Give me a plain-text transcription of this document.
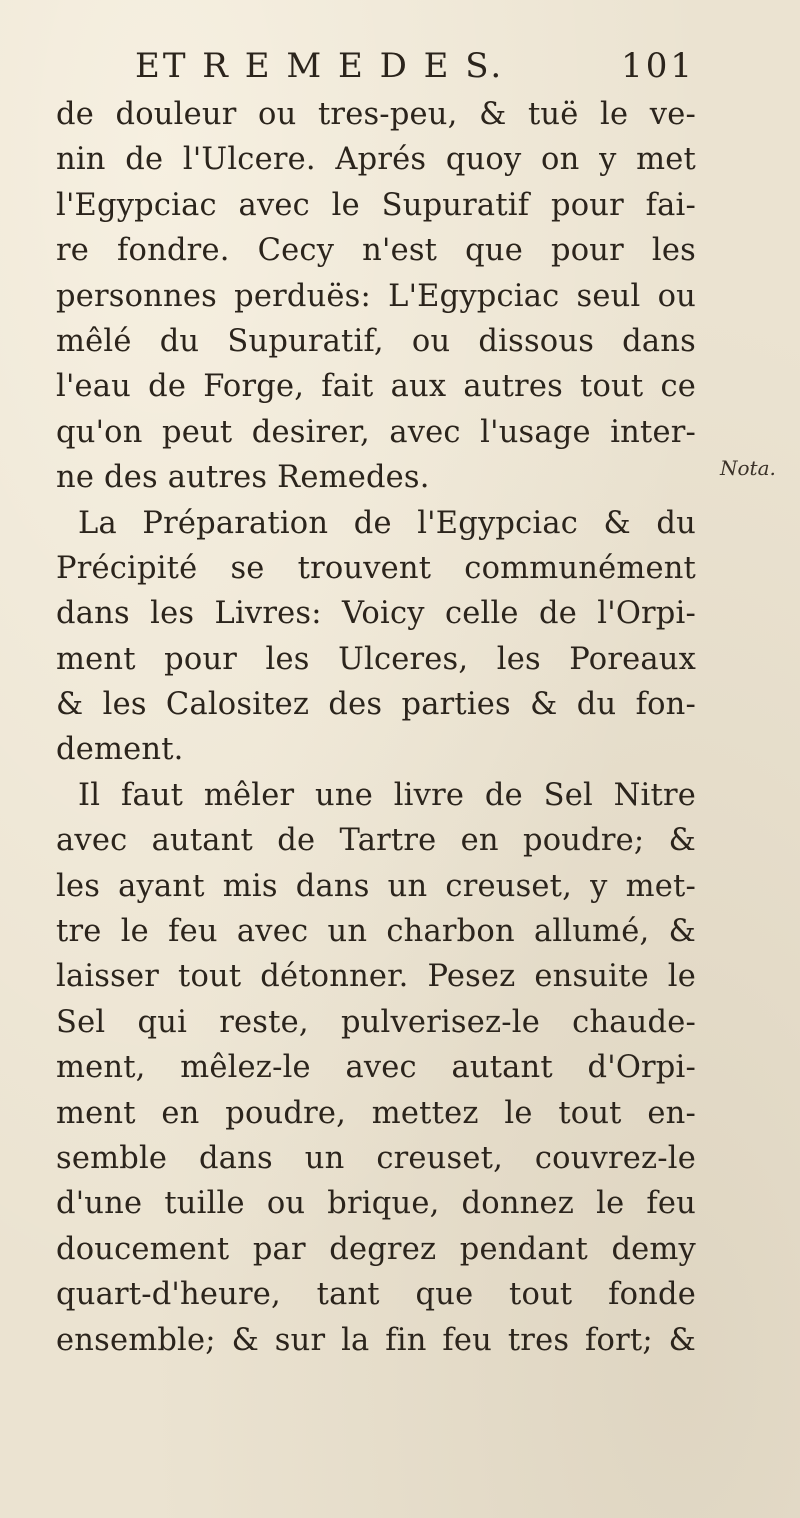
ET R E M E D E S.	101
Nota.
de douleur ou tres-peu, & tuë le ve-
nin de l'Ulcere. Aprés quoy on y met
l'Egypciac avec le Supuratif pour fai-
re fondre. Cecy n'est que pour les
personnes perduës: L'Egypciac seul ou
mêlé du Supuratif, ou dissous dans
l'eau de Forge, fait aux autres tout ce
qu'on peut desirer, avec l'usage inter-
ne des autres Remedes.
La Préparation de l'Egypciac & du
Précipité se trouvent communément
dans les Livres: Voicy celle de l'Orpi-
ment pour les Ulceres, les Poreaux
& les Calositez des parties & du fon-
dement.
Il faut mêler une livre de Sel Nitre
avec autant de Tartre en poudre; &
les ayant mis dans un creuset, y met-
tre le feu avec un charbon allumé, &
laisser tout détonner. Pesez ensuite le
Sel qui reste, pulverisez-le chaude-
ment, mêlez-le avec autant d'Orpi-
ment en poudre, mettez le tout en-
semble dans un creuset, couvrez-le
d'une tuille ou brique, donnez le feu
doucement par degrez pendant demy
quart-d'heure, tant que tout fonde
ensemble; & sur la fin feu tres fort; &
